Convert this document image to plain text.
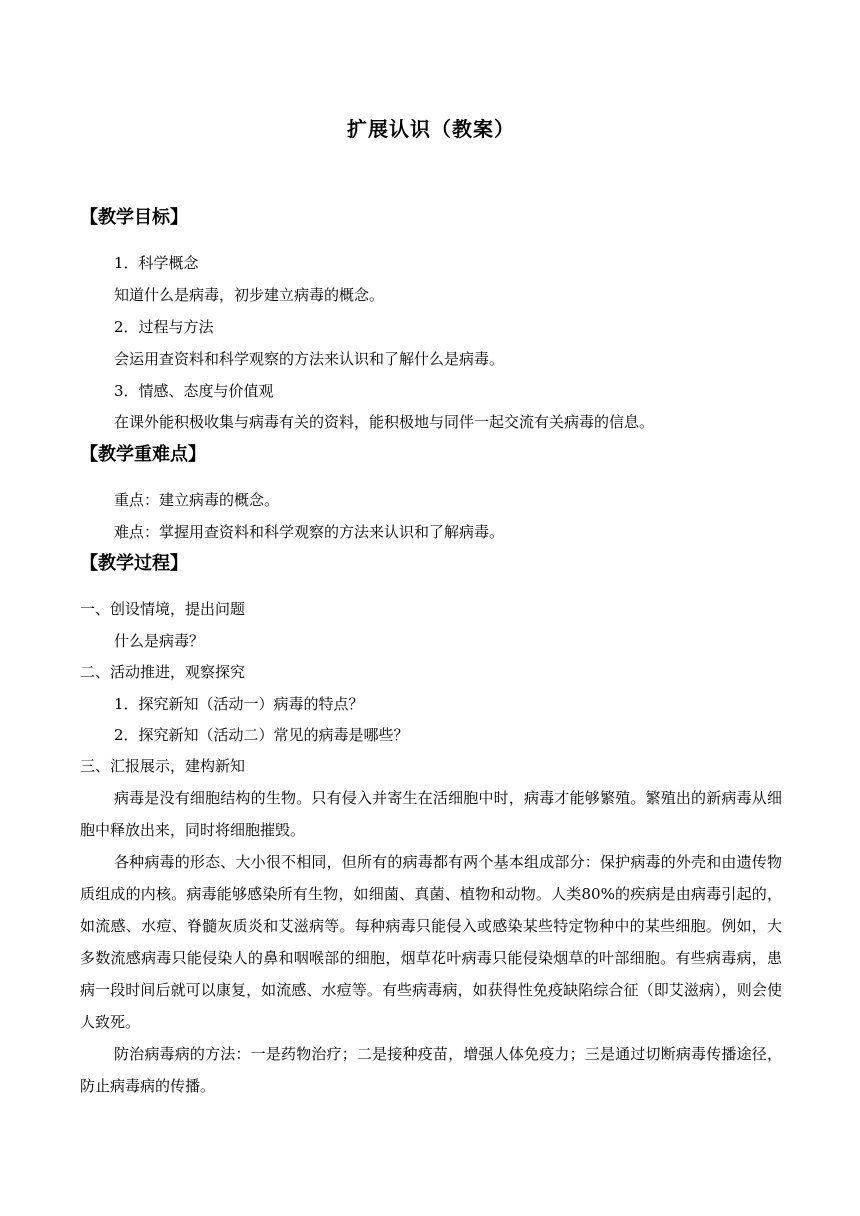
扩展认识（教案）
【教学目标】
1．科学概念
知道什么是病毒，初步建立病毒的概念。
2．过程与方法
会运用查资料和科学观察的方法来认识和了解什么是病毒。
3．情感、态度与价值观
在课外能积极收集与病毒有关的资料，能积极地与同伴一起交流有关病毒的信息。
【教学重难点】
重点：建立病毒的概念。
难点：掌握用查资料和科学观察的方法来认识和了解病毒。
【教学过程】
一、创设情境，提出问题
什么是病毒？
二、活动推进，观察探究
1．探究新知（活动一）病毒的特点？
2．探究新知（活动二）常见的病毒是哪些？
三、汇报展示，建构新知
病毒是没有细胞结构的生物。只有侵入并寄生在活细胞中时，病毒才能够繁殖。繁殖出的新病毒从细胞中释放出来，同时将细胞摧毁。
各种病毒的形态、大小很不相同，但所有的病毒都有两个基本组成部分：保护病毒的外壳和由遗传物质组成的内核。病毒能够感染所有生物，如细菌、真菌、植物和动物。人类80%的疾病是由病毒引起的，如流感、水痘、脊髓灰质炎和艾滋病等。每种病毒只能侵入或感染某些特定物种中的某些细胞。例如，大多数流感病毒只能侵染人的鼻和咽喉部的细胞，烟草花叶病毒只能侵染烟草的叶部细胞。有些病毒病，患病一段时间后就可以康复，如流感、水痘等。有些病毒病，如获得性免疫缺陷综合征（即艾滋病），则会使人致死。
防治病毒病的方法：一是药物治疗；二是接种疫苗，增强人体免疫力；三是通过切断病毒传播途径，防止病毒病的传播。
